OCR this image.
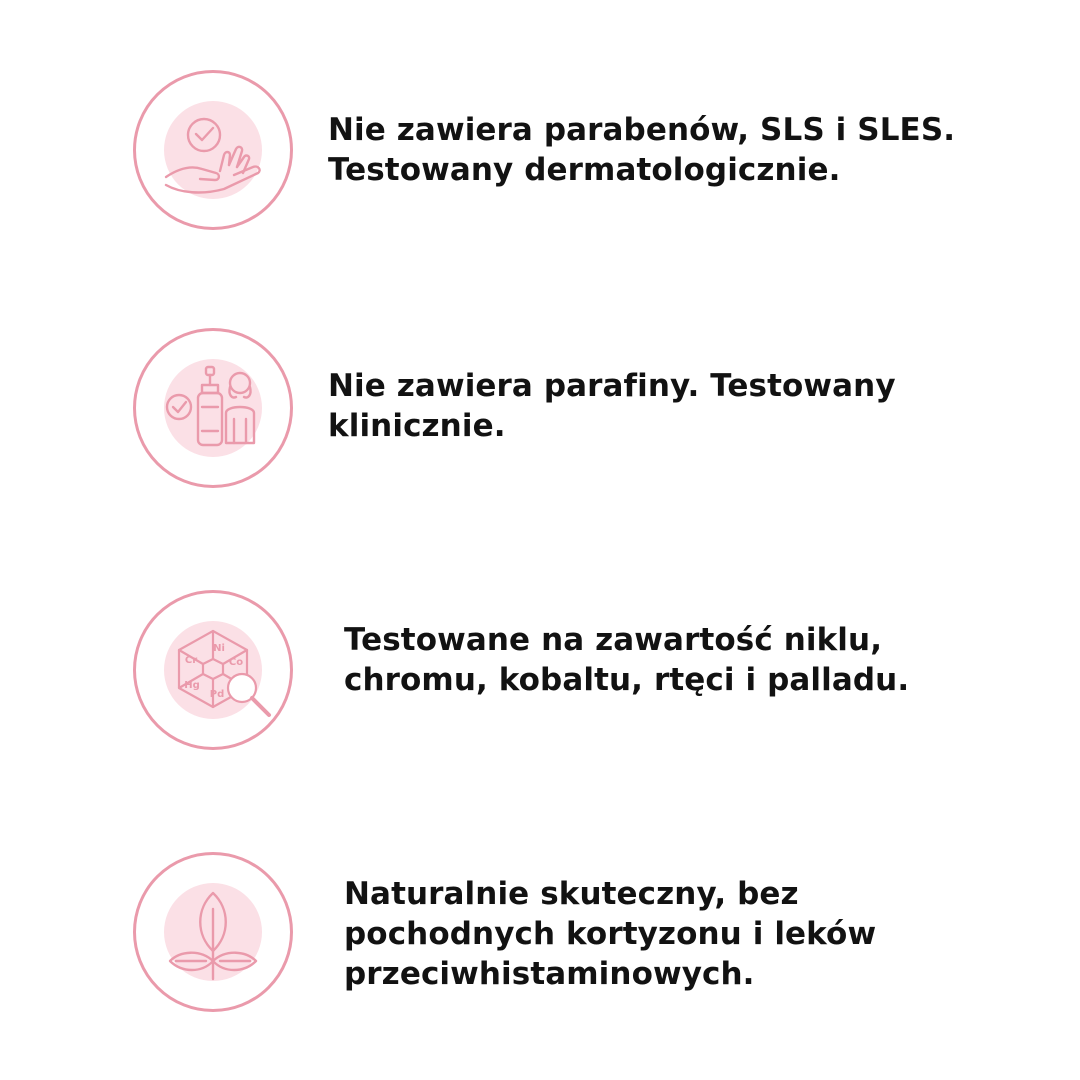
Nie zawiera parabenów, SLS i SLES.
Testowany dermatologicznie.

Nie zawiera parafiny. Testowany
klinicznie.

Ni
Cr	Co
Hg
Pd

Testowane na zawartość niklu,
chromu, kobaltu, rtęci i palladu.

Naturalnie skuteczny, bez
pochodnych kortyzonu i leków
przeciwhistaminowych.
